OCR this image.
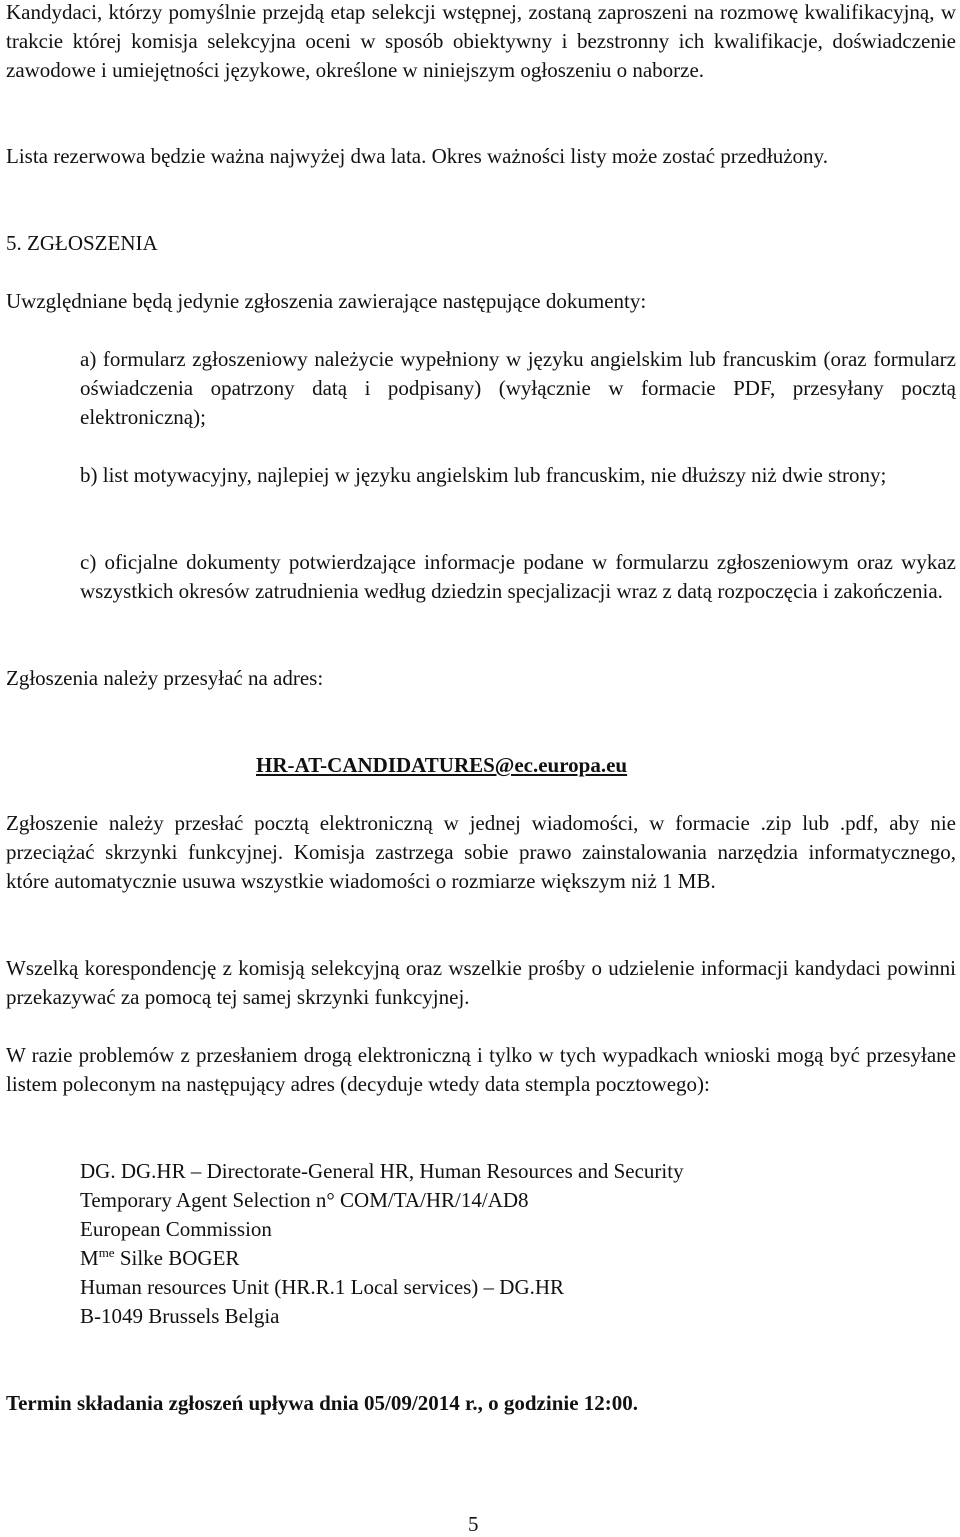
Kandydaci, którzy pomyślnie przejdą etap selekcji wstępnej, zostaną zaproszeni na rozmowę kwalifikacyjną, w trakcie której komisja selekcyjna oceni w sposób obiektywny i bezstronny ich kwalifikacje, doświadczenie zawodowe i umiejętności językowe, określone w niniejszym ogłoszeniu o naborze.

Lista rezerwowa będzie ważna najwyżej dwa lata. Okres ważności listy może zostać przedłużony.

5. ZGŁOSZENIA

Uwzględniane będą jedynie zgłoszenia zawierające następujące dokumenty:

a) formularz zgłoszeniowy należycie wypełniony w języku angielskim lub francuskim (oraz formularz oświadczenia opatrzony datą i podpisany) (wyłącznie w formacie PDF, przesyłany pocztą elektroniczną);

b) list motywacyjny, najlepiej w języku angielskim lub francuskim, nie dłuższy niż dwie strony;

c) oficjalne dokumenty potwierdzające informacje podane w formularzu zgłoszeniowym oraz wykaz wszystkich okresów zatrudnienia według dziedzin specjalizacji wraz z datą rozpoczęcia i zakończenia.

Zgłoszenia należy przesyłać na adres:

HR-AT-CANDIDATURES@ec.europa.eu

Zgłoszenie należy przesłać pocztą elektroniczną w jednej wiadomości, w formacie .zip lub .pdf, aby nie przeciążać skrzynki funkcyjnej. Komisja zastrzega sobie prawo zainstalowania narzędzia informatycznego, które automatycznie usuwa wszystkie wiadomości o rozmiarze większym niż 1 MB.

Wszelką korespondencję z komisją selekcyjną oraz wszelkie prośby o udzielenie informacji kandydaci powinni przekazywać za pomocą tej samej skrzynki funkcyjnej.

W razie problemów z przesłaniem drogą elektroniczną i tylko w tych wypadkach wnioski mogą być przesyłane listem poleconym na następujący adres (decyduje wtedy data stempla pocztowego):

DG. DG.HR – Directorate-General HR, Human Resources and Security
Temporary Agent Selection n° COM/TA/HR/14/AD8
European Commission
$M^{me}$ Silke BOGER
Human resources Unit (HR.R.1 Local services) – DG.HR
B-1049 Brussels Belgia

Termin składania zgłoszeń upływa dnia 05/09/2014 r., o godzinie 12:00.

5
